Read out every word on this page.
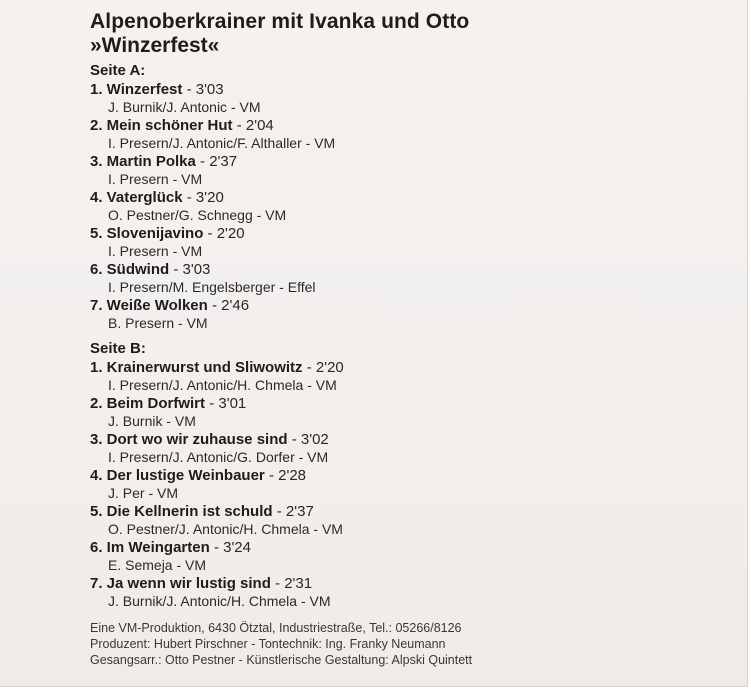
Alpenoberkrainer mit Ivanka und Otto
»Winzerfest«
Seite A:
1. Winzerfest - 3'03
J. Burnik/J. Antonic - VM
2. Mein schöner Hut - 2'04
I. Presern/J. Antonic/F. Althaller - VM
3. Martin Polka - 2'37
I. Presern - VM
4. Vaterglück - 3'20
O. Pestner/G. Schnegg - VM
5. Slovenijavino - 2'20
I. Presern - VM
6. Südwind - 3'03
I. Presern/M. Engelsberger - Effel
7. Weiße Wolken - 2'46
B. Presern - VM
Seite B:
1. Krainerwurst und Sliwowitz - 2'20
I. Presern/J. Antonic/H. Chmela - VM
2. Beim Dorfwirt - 3'01
J. Burnik - VM
3. Dort wo wir zuhause sind - 3'02
I. Presern/J. Antonic/G. Dorfer - VM
4. Der lustige Weinbauer - 2'28
J. Per - VM
5. Die Kellnerin ist schuld - 2'37
O. Pestner/J. Antonic/H. Chmela - VM
6. Im Weingarten - 3'24
E. Semeja - VM
7. Ja wenn wir lustig sind - 2'31
J. Burnik/J. Antonic/H. Chmela - VM
Eine VM-Produktion, 6430 Ötztal, Industriestraße, Tel.: 05266/8126
Produzent: Hubert Pirschner - Tontechnik: Ing. Franky Neumann
Gesangsarr.: Otto Pestner - Künstlerische Gestaltung: Alpski Quintett
